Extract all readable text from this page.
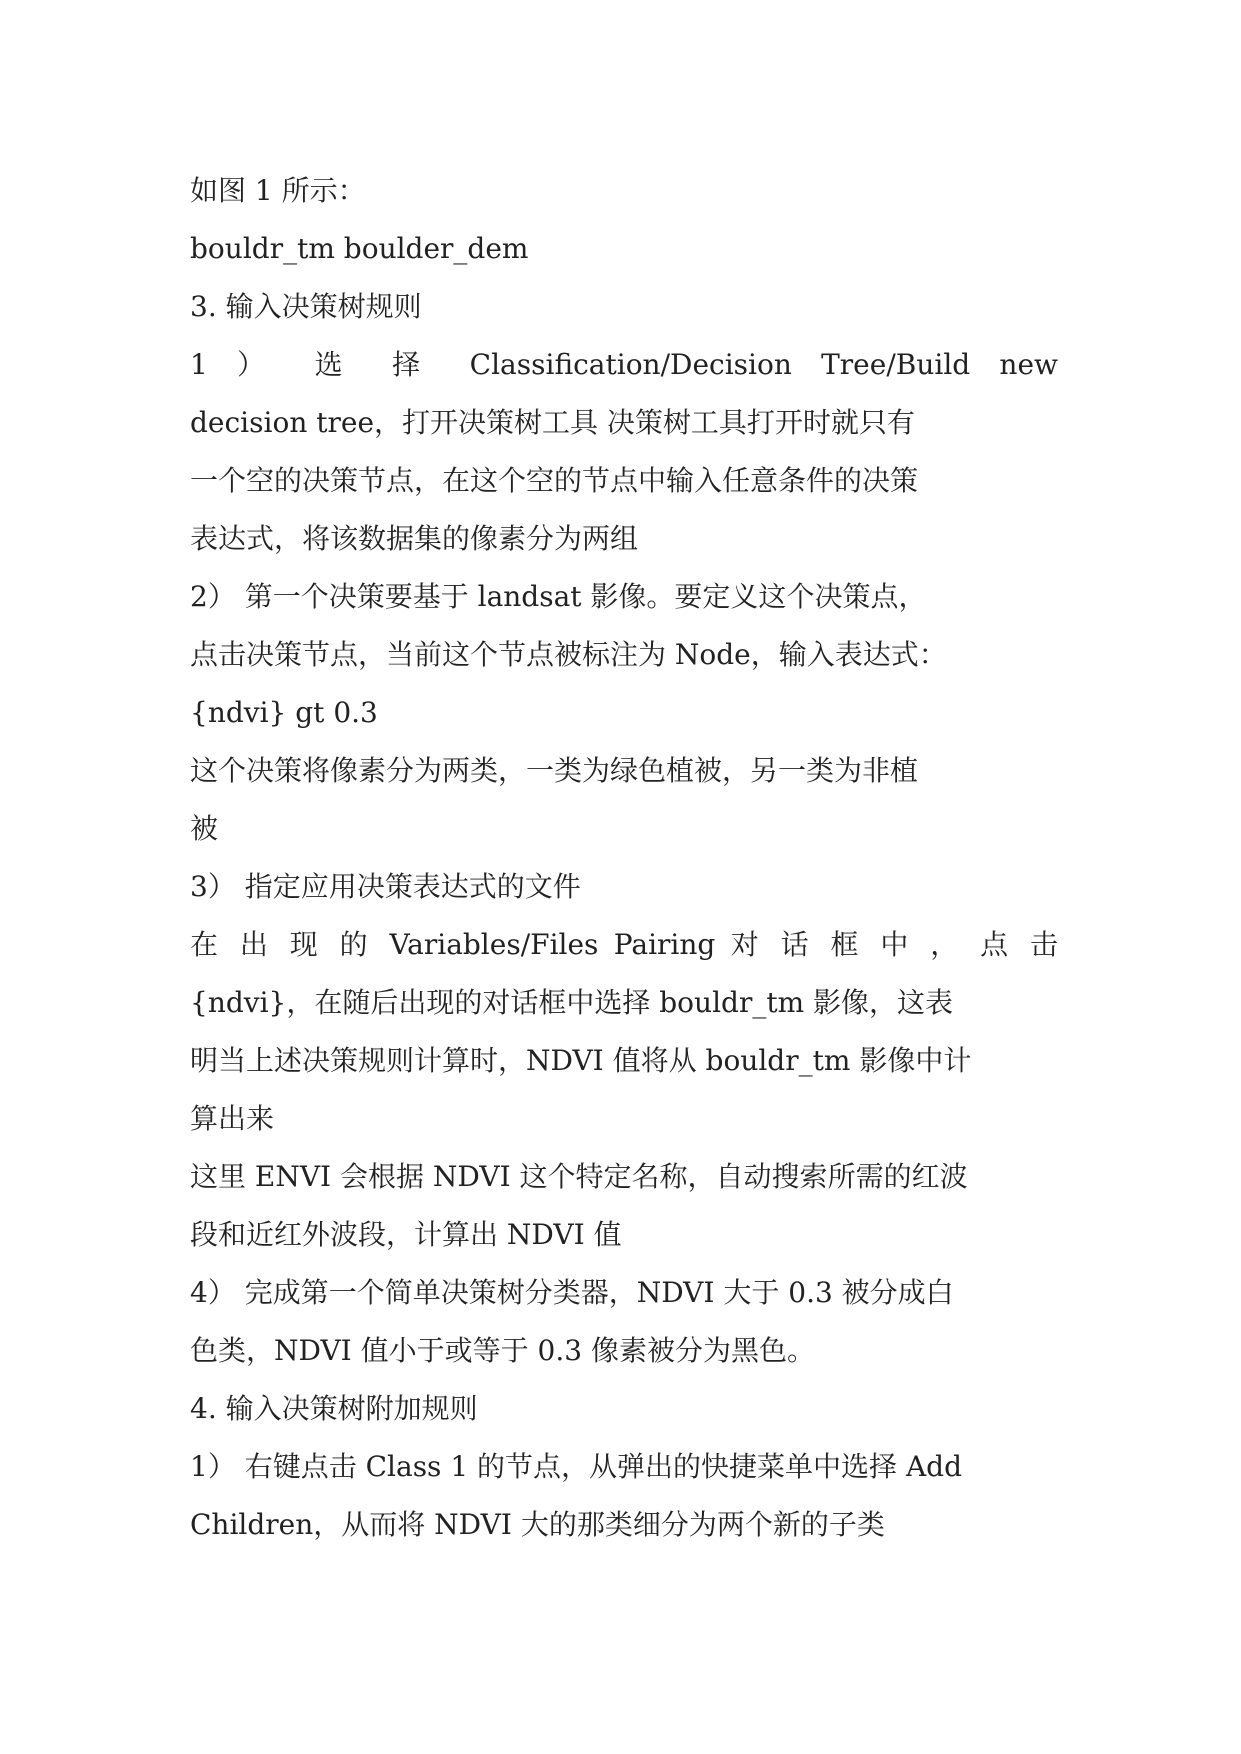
如图 1 所示：
bouldr_tm boulder_dem
3. 输入决策树规则
1 ） 选 择 Classification/Decision Tree/Build new
decision tree，打开决策树工具 决策树工具打开时就只有
一个空的决策节点，在这个空的节点中输入任意条件的决策
表达式，将该数据集的像素分为两组
2） 第一个决策要基于 landsat 影像。要定义这个决策点，
点击决策节点，当前这个节点被标注为 Node，输入表达式：
{ndvi} gt 0.3
这个决策将像素分为两类，一类为绿色植被，另一类为非植
被
3） 指定应用决策表达式的文件
在 出 现 的 Variables/Files Pairing 对 话 框 中 ， 点 击
{ndvi}，在随后出现的对话框中选择 bouldr_tm 影像，这表
明当上述决策规则计算时，NDVI 值将从 bouldr_tm 影像中计
算出来
这里 ENVI 会根据 NDVI 这个特定名称，自动搜索所需的红波
段和近红外波段，计算出 NDVI 值
4） 完成第一个简单决策树分类器，NDVI 大于 0.3 被分成白
色类，NDVI 值小于或等于 0.3 像素被分为黑色。
4. 输入决策树附加规则
1） 右键点击 Class 1 的节点，从弹出的快捷菜单中选择 Add
Children，从而将 NDVI 大的那类细分为两个新的子类
